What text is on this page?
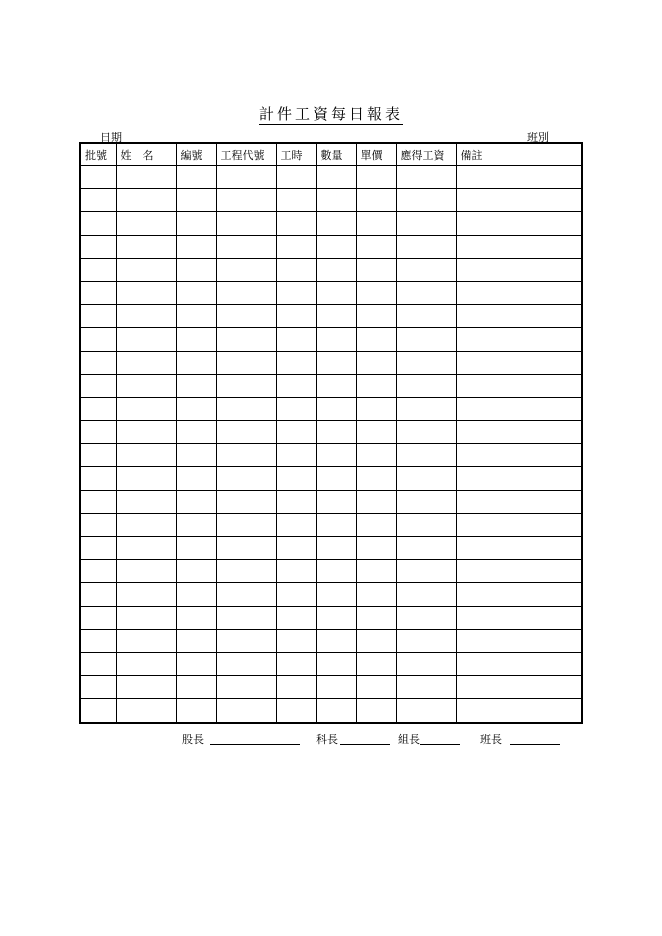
計件工資每日報表
日期	班別
批號	姓　名	編號	工程代號	工時	數量	單價	應得工資	備註

股長	科長	組長	班長
